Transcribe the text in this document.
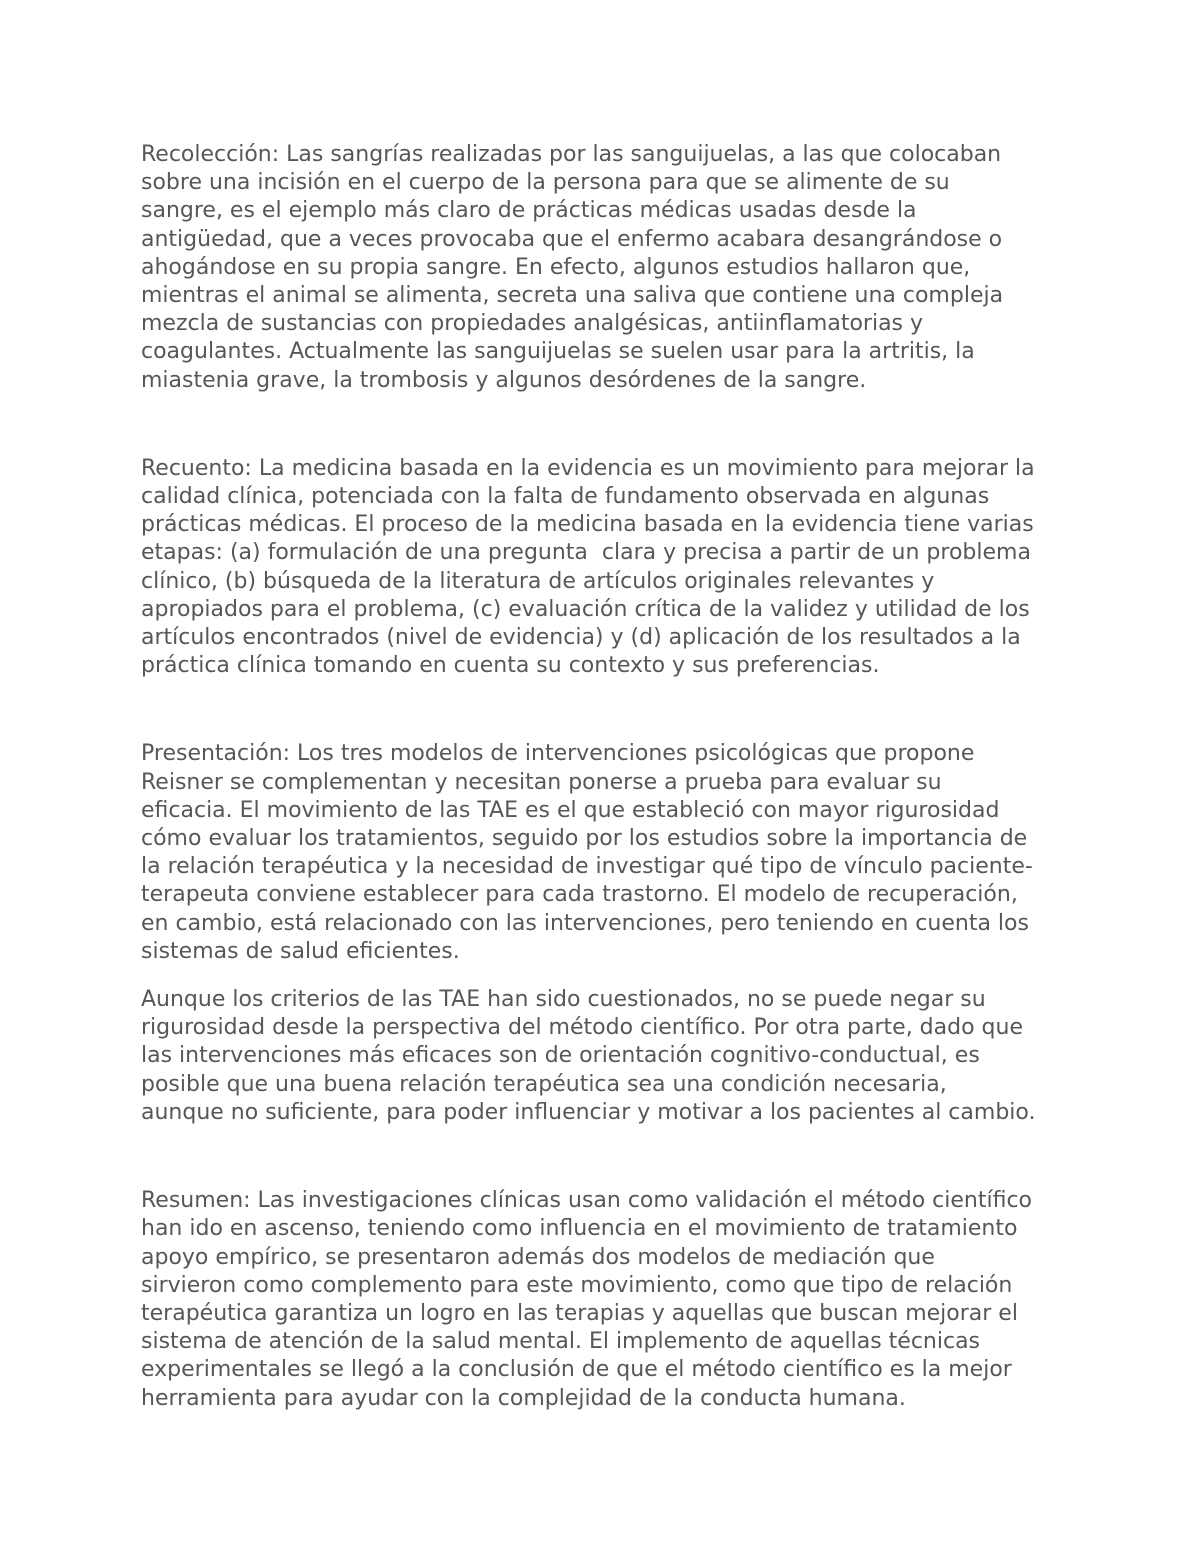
Recolección: Las sangrías realizadas por las sanguijuelas, a las que colocaban
sobre una incisión en el cuerpo de la persona para que se alimente de su
sangre, es el ejemplo más claro de prácticas médicas usadas desde la
antigüedad, que a veces provocaba que el enfermo acabara desangrándose o
ahogándose en su propia sangre. En efecto, algunos estudios hallaron que,
mientras el animal se alimenta, secreta una saliva que contiene una compleja
mezcla de sustancias con propiedades analgésicas, antiinflamatorias y
coagulantes. Actualmente las sanguijuelas se suelen usar para la artritis, la
miastenia grave, la trombosis y algunos desórdenes de la sangre.

Recuento: La medicina basada en la evidencia es un movimiento para mejorar la
calidad clínica, potenciada con la falta de fundamento observada en algunas
prácticas médicas. El proceso de la medicina basada en la evidencia tiene varias
etapas: (a) formulación de una pregunta  clara y precisa a partir de un problema
clínico, (b) búsqueda de la literatura de artículos originales relevantes y
apropiados para el problema, (c) evaluación crítica de la validez y utilidad de los
artículos encontrados (nivel de evidencia) y (d) aplicación de los resultados a la
práctica clínica tomando en cuenta su contexto y sus preferencias.

Presentación: Los tres modelos de intervenciones psicológicas que propone
Reisner se complementan y necesitan ponerse a prueba para evaluar su
eficacia. El movimiento de las TAE es el que estableció con mayor rigurosidad
cómo evaluar los tratamientos, seguido por los estudios sobre la importancia de
la relación terapéutica y la necesidad de investigar qué tipo de vínculo paciente-
terapeuta conviene establecer para cada trastorno. El modelo de recuperación,
en cambio, está relacionado con las intervenciones, pero teniendo en cuenta los
sistemas de salud eficientes.

Aunque los criterios de las TAE han sido cuestionados, no se puede negar su
rigurosidad desde la perspectiva del método científico. Por otra parte, dado que
las intervenciones más eficaces son de orientación cognitivo-conductual, es
posible que una buena relación terapéutica sea una condición necesaria,
aunque no suficiente, para poder influenciar y motivar a los pacientes al cambio.

Resumen: Las investigaciones clínicas usan como validación el método científico
han ido en ascenso, teniendo como influencia en el movimiento de tratamiento
apoyo empírico, se presentaron además dos modelos de mediación que
sirvieron como complemento para este movimiento, como que tipo de relación
terapéutica garantiza un logro en las terapias y aquellas que buscan mejorar el
sistema de atención de la salud mental. El implemento de aquellas técnicas
experimentales se llegó a la conclusión de que el método científico es la mejor
herramienta para ayudar con la complejidad de la conducta humana.
